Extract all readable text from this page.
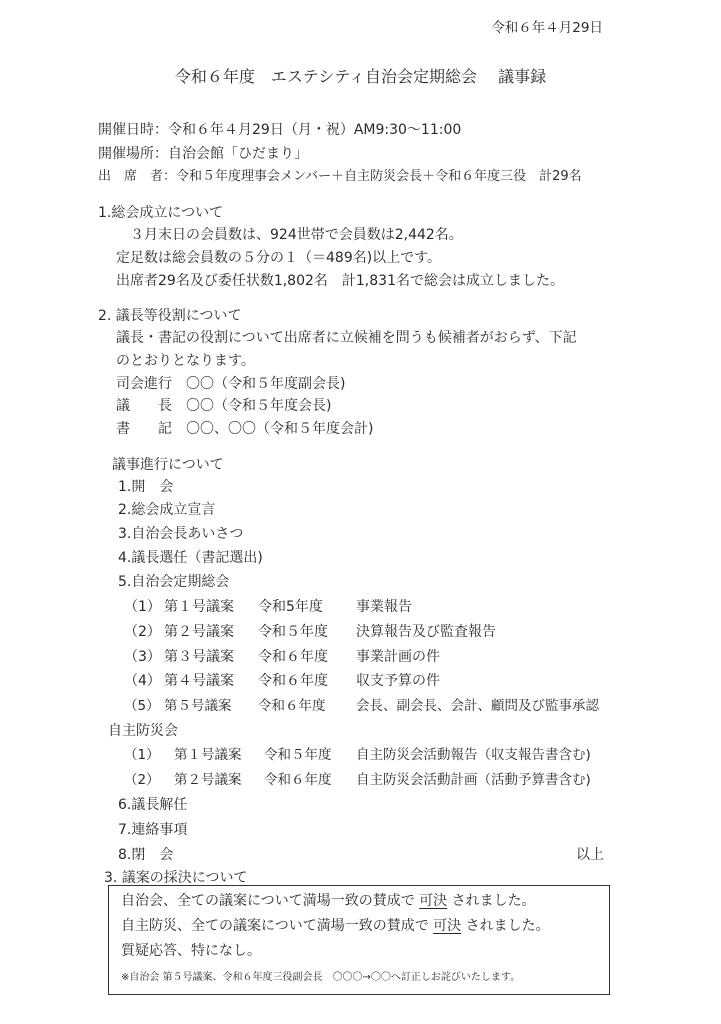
令和６年４月29日
令和６年度　エステシティ自治会定期総会　 議事録
開催日時：令和６年４月29日（月・祝）AM9:30～11:00
開催場所：自治会館「ひだまり」
出　席　者：令和５年度理事会メンバー＋自主防災会長＋令和６年度三役　計29名
1.総会成立について
３月末日の会員数は、924世帯で会員数は2,442名。
定足数は総会員数の５分の１（＝489名)以上です。
出席者29名及び委任状数1,802名　計1,831名で総会は成立しました。
2. 議長等役割について
議長・書記の役割について出席者に立候補を問うも候補者がおらず、下記
のとおりとなります。
司会進行 〇〇（令和５年度副会長)
議　　長 〇〇（令和５年度会長)
書　　記 〇〇、〇〇（令和５年度会計)
議事進行について
1.開　会
2.総会成立宣言
3.自治会長あいさつ
4.議長選任（書記選出)
5.自治会定期総会
（1） 第１号議案 令和5年度 事業報告
（2） 第２号議案 令和５年度 決算報告及び監査報告
（3） 第３号議案 令和６年度 事業計画の件
（4） 第４号議案 令和６年度 収支予算の件
（5） 第５号議案 令和６年度 会長、副会長、会計、顧問及び監事承認
自主防災会
（1） 第１号議案 令和５年度 自主防災会活動報告（収支報告書含む)
（2） 第２号議案 令和６年度 自主防災会活動計画（活動予算書含む)
6.議長解任
7.連絡事項
8.閉　会	以上
3. 議案の採決について
自治会、全ての議案について満場一致の賛成で 可決 されました。
自主防災、全ての議案について満場一致の賛成で 可決 されました。
質疑応答、特になし。
※自治会 第５号議案、令和６年度三役副会長　〇〇〇→〇〇へ訂正しお詫びいたします。
